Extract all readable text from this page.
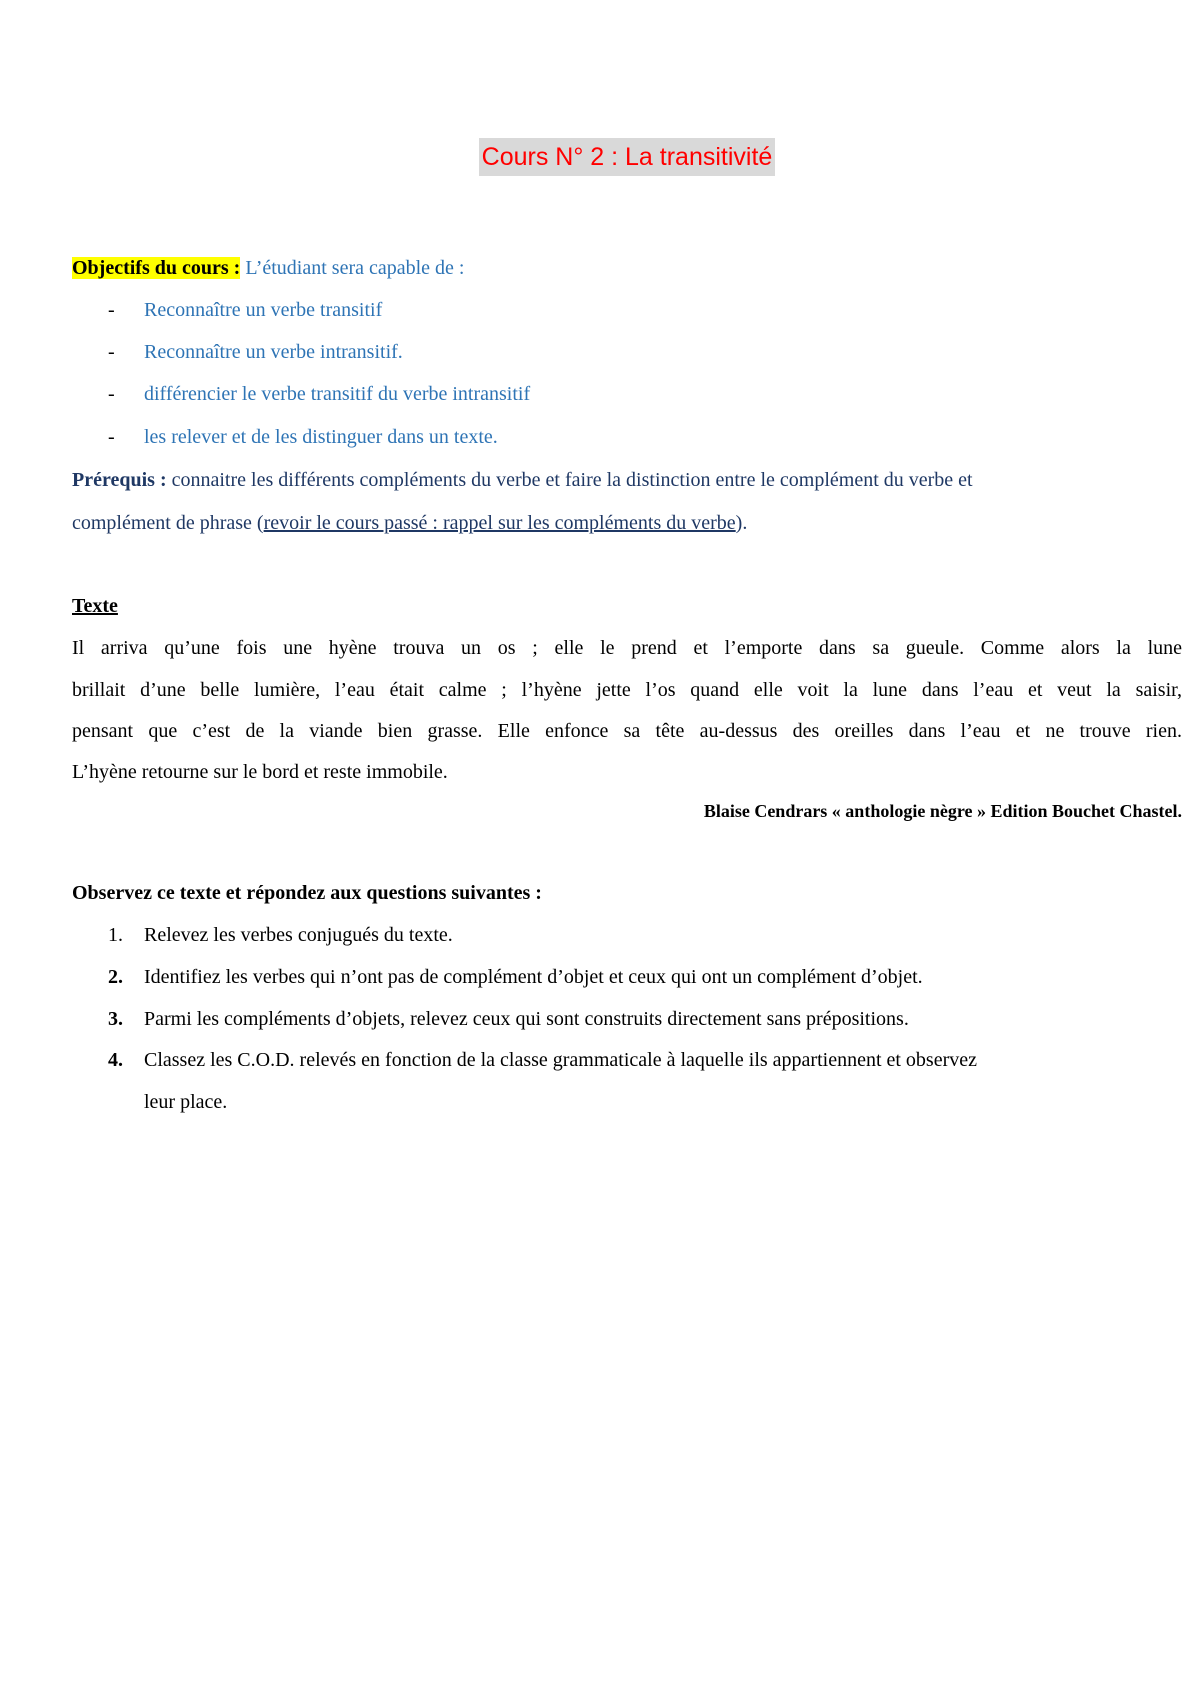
Cours N° 2 : La transitivité
Objectifs du cours : L’étudiant sera capable de :
- Reconnaître un verbe transitif
- Reconnaître un verbe intransitif.
- différencier le verbe transitif du verbe intransitif
- les relever et de les distinguer dans un texte.
Prérequis : connaitre les différents compléments du verbe et faire la distinction entre le complément du verbe et
complément de phrase (revoir le cours passé : rappel sur les compléments du verbe).
Texte
Il arriva qu’une fois une hyène trouva un os ; elle le prend et l’emporte dans sa gueule. Comme alors la lune
brillait d’une belle lumière, l’eau était calme ; l’hyène jette l’os quand elle voit la lune dans l’eau et veut la saisir,
pensant que c’est de la viande bien grasse. Elle enfonce sa tête au-dessus des oreilles dans l’eau et ne trouve rien.
L’hyène retourne sur le bord et reste immobile.
Blaise Cendrars « anthologie nègre » Edition Bouchet Chastel.
Observez ce texte et répondez aux questions suivantes :
1. Relevez les verbes conjugués du texte.
2. Identifiez les verbes qui n’ont pas de complément d’objet et ceux qui ont un complément d’objet.
3. Parmi les compléments d’objets, relevez ceux qui sont construits directement sans prépositions.
4. Classez les C.O.D. relevés en fonction de la classe grammaticale à laquelle ils appartiennent et observez
leur place.
